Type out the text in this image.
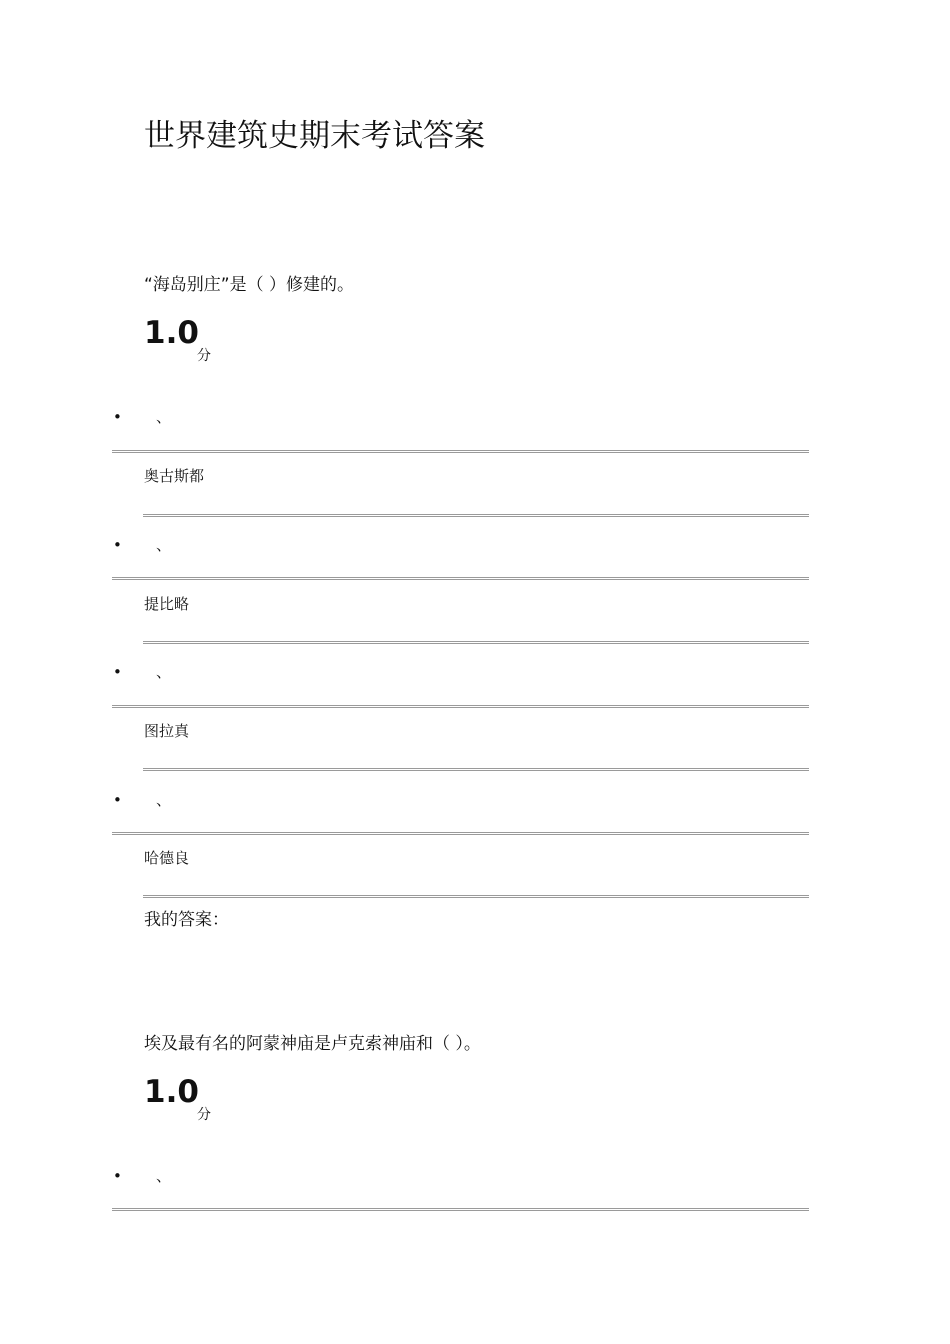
世界建筑史期末考试答案
“海岛别庄”是（ ）修建的。
1.0
分
• 、
奥古斯都
• 、
提比略
• 、
图拉真
• 、
哈德良
我的答案：
埃及最有名的阿蒙神庙是卢克索神庙和（ ）。
1.0
分
• 、
